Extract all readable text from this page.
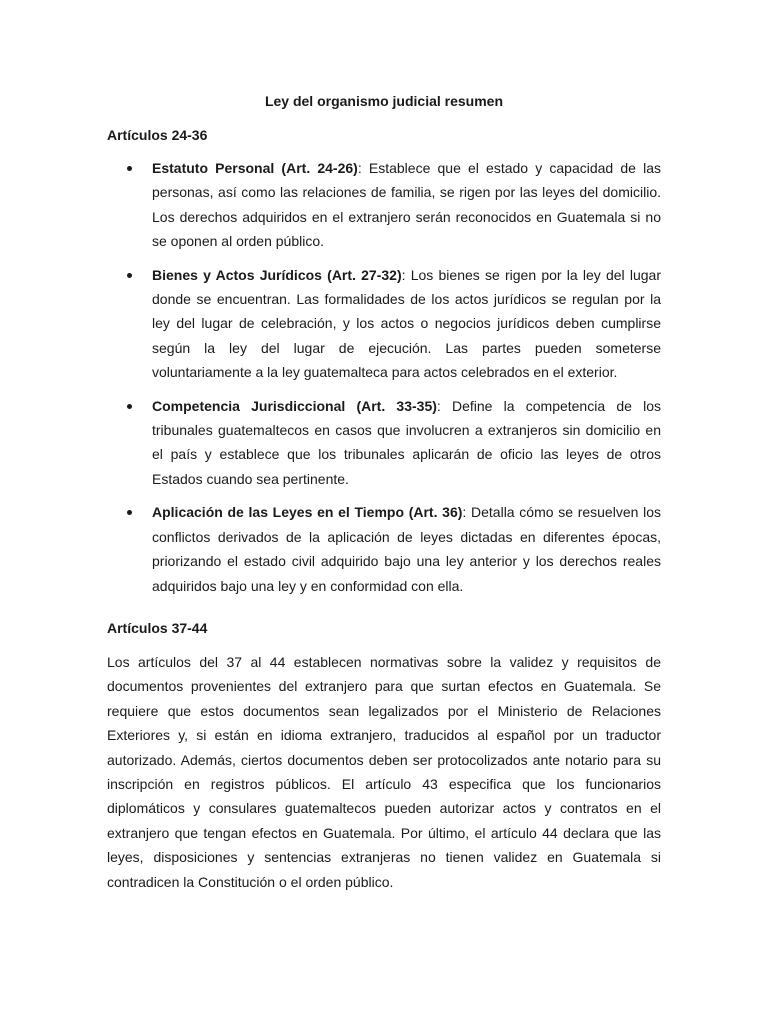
Ley del organismo judicial resumen
Artículos 24-36
Estatuto Personal (Art. 24-26): Establece que el estado y capacidad de las personas, así como las relaciones de familia, se rigen por las leyes del domicilio. Los derechos adquiridos en el extranjero serán reconocidos en Guatemala si no se oponen al orden público.
Bienes y Actos Jurídicos (Art. 27-32): Los bienes se rigen por la ley del lugar donde se encuentran. Las formalidades de los actos jurídicos se regulan por la ley del lugar de celebración, y los actos o negocios jurídicos deben cumplirse según la ley del lugar de ejecución. Las partes pueden someterse voluntariamente a la ley guatemalteca para actos celebrados en el exterior.
Competencia Jurisdiccional (Art. 33-35): Define la competencia de los tribunales guatemaltecos en casos que involucren a extranjeros sin domicilio en el país y establece que los tribunales aplicarán de oficio las leyes de otros Estados cuando sea pertinente.
Aplicación de las Leyes en el Tiempo (Art. 36): Detalla cómo se resuelven los conflictos derivados de la aplicación de leyes dictadas en diferentes épocas, priorizando el estado civil adquirido bajo una ley anterior y los derechos reales adquiridos bajo una ley y en conformidad con ella.
Artículos 37-44

Los artículos del 37 al 44 establecen normativas sobre la validez y requisitos de documentos provenientes del extranjero para que surtan efectos en Guatemala. Se requiere que estos documentos sean legalizados por el Ministerio de Relaciones Exteriores y, si están en idioma extranjero, traducidos al español por un traductor autorizado. Además, ciertos documentos deben ser protocolizados ante notario para su inscripción en registros públicos. El artículo 43 especifica que los funcionarios diplomáticos y consulares guatemaltecos pueden autorizar actos y contratos en el extranjero que tengan efectos en Guatemala. Por último, el artículo 44 declara que las leyes, disposiciones y sentencias extranjeras no tienen validez en Guatemala si contradicen la Constitución o el orden público.
